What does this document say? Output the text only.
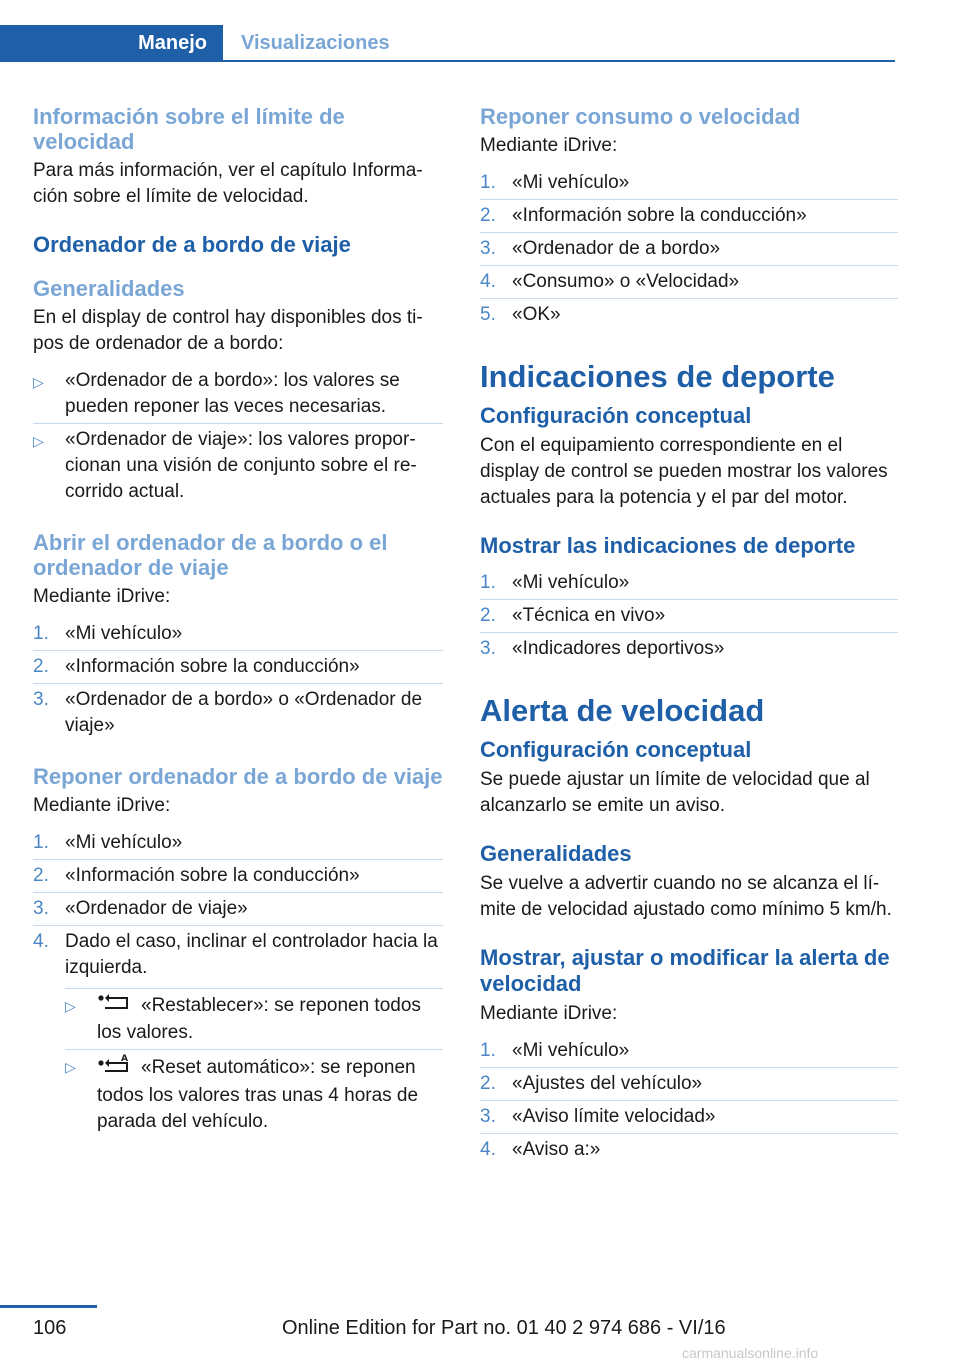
Manejo	Visualizaciones
Información sobre el límite de velocidad

Para más información, ver el capítulo Información sobre el límite de velocidad.

Ordenador de a bordo de viaje
Generalidades

En el display de control hay disponibles dos tipos de ordenador de a bordo:

▷	«Ordenador de a bordo»: los valores se pueden reponer las veces necesarias.
▷	«Ordenador de viaje»: los valores proporcionan una visión de conjunto sobre el recorrido actual.
Abrir el ordenador de a bordo o el ordenador de viaje

Mediante iDrive:

1. «Mi vehículo»
2. «Información sobre la conducción»
3. «Ordenador de a bordo» o «Ordenador de viaje»
Reponer ordenador de a bordo de viaje

Mediante iDrive:

1. «Mi vehículo»
2. «Información sobre la conducción»
3. «Ordenador de viaje»
4. Dado el caso, inclinar el controlador hacia la izquierda.
▷	«Restablecer»: se reponen todos los valores.
▷	A «Reset automático»: se reponen todos los valores tras unas 4 horas de parada del vehículo.
Reponer consumo o velocidad

Mediante iDrive:

1. «Mi vehículo»
2. «Información sobre la conducción»
3. «Ordenador de a bordo»
4. «Consumo» o «Velocidad»
5. «OK»
Indicaciones de deporte
Configuración conceptual

Con el equipamiento correspondiente en el display de control se pueden mostrar los valores actuales para la potencia y el par del motor.

Mostrar las indicaciones de deporte
1. «Mi vehículo»
2. «Técnica en vivo»
3. «Indicadores deportivos»
Alerta de velocidad
Configuración conceptual

Se puede ajustar un límite de velocidad que al alcanzarlo se emite un aviso.

Generalidades

Se vuelve a advertir cuando no se alcanza el límite de velocidad ajustado como mínimo 5 km/h.

Mostrar, ajustar o modificar la alerta de velocidad

Mediante iDrive:

1. «Mi vehículo»
2. «Ajustes del vehículo»
3. «Aviso límite velocidad»
4. «Aviso a:»
106	Online Edition for Part no. 01 40 2 974 686 - VI/16
carmanualsonline.info
